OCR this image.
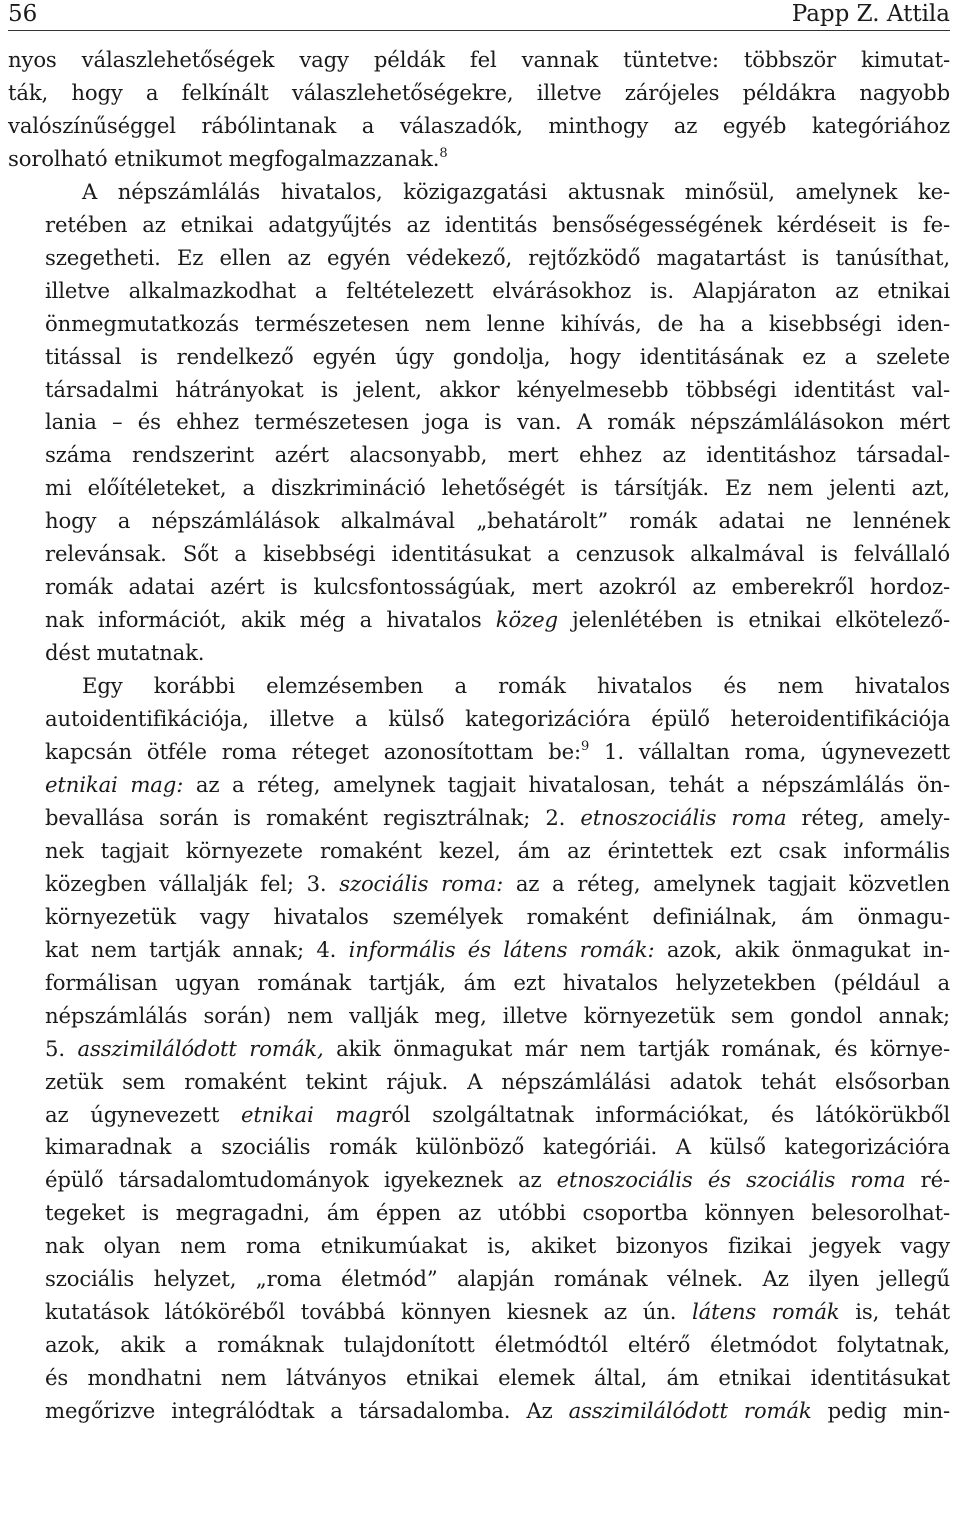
56	Papp Z. Attila

nyos válaszlehetőségek vagy példák fel vannak tüntetve: többször kimutat-
ták, hogy a felkínált válaszlehetőségekre, illetve zárójeles példákra nagyobb
valószínűséggel rábólintanak a válaszadók, minthogy az egyéb kategóriához
sorolható etnikumot megfogalmazzanak.$^8$

A népszámlálás hivatalos, közigazgatási aktusnak minősül, amelynek ke-
retében az etnikai adatgyűjtés az identitás bensőségességének kérdéseit is fe-
szegetheti. Ez ellen az egyén védekező, rejtőzködő magatartást is tanúsíthat,
illetve alkalmazkodhat a feltételezett elvárásokhoz is. Alapjáraton az etnikai
önmegmutatkozás természetesen nem lenne kihívás, de ha a kisebbségi iden-
titással is rendelkező egyén úgy gondolja, hogy identitásának ez a szelete
társadalmi hátrányokat is jelent, akkor kényelmesebb többségi identitást val-
lania – és ehhez természetesen joga is van. A romák népszámlálásokon mért
száma rendszerint azért alacsonyabb, mert ehhez az identitáshoz társadal-
mi előítéleteket, a diszkrimináció lehetőségét is társítják. Ez nem jelenti azt,
hogy a népszámlálások alkalmával „behatárolt” romák adatai ne lennének
relevánsak. Sőt a kisebbségi identitásukat a cenzusok alkalmával is felvállaló
romák adatai azért is kulcsfontosságúak, mert azokról az emberekről hordoz-
nak információt, akik még a hivatalos közeg jelenlétében is etnikai elkötelező-
dést mutatnak.

Egy korábbi elemzésemben a romák hivatalos és nem hivatalos
autoidentifikációja, illetve a külső kategorizációra épülő heteroidentifikációja
kapcsán ötféle roma réteget azonosítottam be:$^9$ 1. vállaltan roma, úgynevezett
etnikai mag: az a réteg, amelynek tagjait hivatalosan, tehát a népszámlálás ön-
bevallása során is romaként regisztrálnak; 2. etnoszociális roma réteg, amely-
nek tagjait környezete romaként kezel, ám az érintettek ezt csak informális
közegben vállalják fel; 3. szociális roma: az a réteg, amelynek tagjait közvetlen
környezetük vagy hivatalos személyek romaként definiálnak, ám önmagu-
kat nem tartják annak; 4. informális és látens romák: azok, akik önmagukat in-
formálisan ugyan romának tartják, ám ezt hivatalos helyzetekben (például a
népszámlálás során) nem vallják meg, illetve környezetük sem gondol annak;
5. asszimilálódott romák, akik önmagukat már nem tartják romának, és környe-
zetük sem romaként tekint rájuk. A népszámlálási adatok tehát elsősorban
az úgynevezett etnikai magról szolgáltatnak információkat, és látókörükből
kimaradnak a szociális romák különböző kategóriái. A külső kategorizációra
épülő társadalomtudományok igyekeznek az etnoszociális és szociális roma ré-
tegeket is megragadni, ám éppen az utóbbi csoportba könnyen belesorolhat-
nak olyan nem roma etnikumúakat is, akiket bizonyos fizikai jegyek vagy
szociális helyzet, „roma életmód” alapján romának vélnek. Az ilyen jellegű
kutatások látóköréből továbbá könnyen kiesnek az ún. látens romák is, tehát
azok, akik a romáknak tulajdonított életmódtól eltérő életmódot folytatnak,
és mondhatni nem látványos etnikai elemek által, ám etnikai identitásukat
megőrizve integrálódtak a társadalomba. Az asszimilálódott romák pedig min-
